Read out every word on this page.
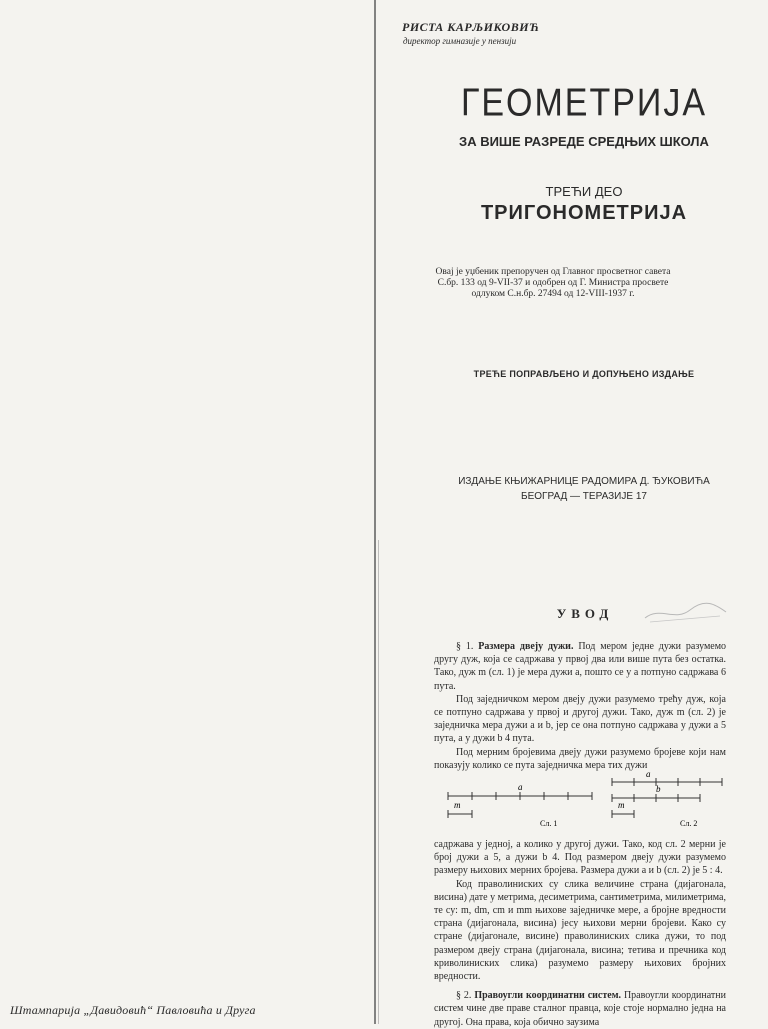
Штампарија „Давидовић“ Павловића и Друга
РИСТА КАРЉИКОВИЋ
директор гимназије у пензији
ГЕОМЕТРИЈА
ЗА ВИШЕ РАЗРЕДЕ СРЕДЊИХ ШКОЛА
ТРЕЋИ ДЕО
ТРИГОНОМЕТРИЈА
Овај је уџбеник препоручен од Главног просветног савета
С.бр. 133 од 9-VII-37 и одобрен од Г. Министра просвете
одлуком С.н.бр. 27494 од 12-VIII-1937 г.
ТРЕЋЕ ПОПРАВЉЕНО И ДОПУЊЕНО ИЗДАЊЕ
ИЗДАЊЕ КЊИЖАРНИЦЕ РАДОМИРА Д. ЂУКОВИЋА
БЕОГРАД — ТЕРАЗИЈЕ 17
УВОД

§ 1. Размера двеју дужи. Под мером једне дужи разумемо другу дуж, која се садржава у првој два или више пута без остатка. Тако, дуж m (сл. 1) је мера дужи a, пошто се у a потпуно садржава 6 пута.

Под заједничком мером двеју дужи разумемо трећу дуж, која се потпуно садржава у првој и другој дужи. Тако, дуж m (сл. 2) је заједничка мера дужи a и b, јер се она потпуно садржава у дужи a 5 пута, а у дужи b 4 пута.

Под мерним бројевима двеју дужи разумемо бројеве који нам показују колико се пута заједничка мера тих дужи

a
m
Сл. 1
a
b
m
Сл. 2

садржава у једној, а колико у другој дужи. Тако, код сл. 2 мерни је број дужи a 5, а дужи b 4. Под размером двеју дужи разумемо размеру њихових мерних бројева. Размера дужи a и b (сл. 2) је 5 : 4.

Код праволиниских су слика величине страна (дијагонала, висина) дате у метрима, десиметрима, сантиметрима, милиметрима, те су: m, dm, cm и mm њихове заједничке мере, а бројне вредности страна (дијагонала, висина) јесу њихови мерни бројеви. Како су стране (дијагонале, висине) праволиниских слика дужи, то под размером двеју страна (дијагонала, висина; тетива и пречника код криволиниских слика) разумемо размеру њихових бројних вредности.

§ 2. Правоугли координатни систем. Правоугли координатни систем чине две праве сталног правца, које стоје нормално једна на другој. Она права, која обично заузима
